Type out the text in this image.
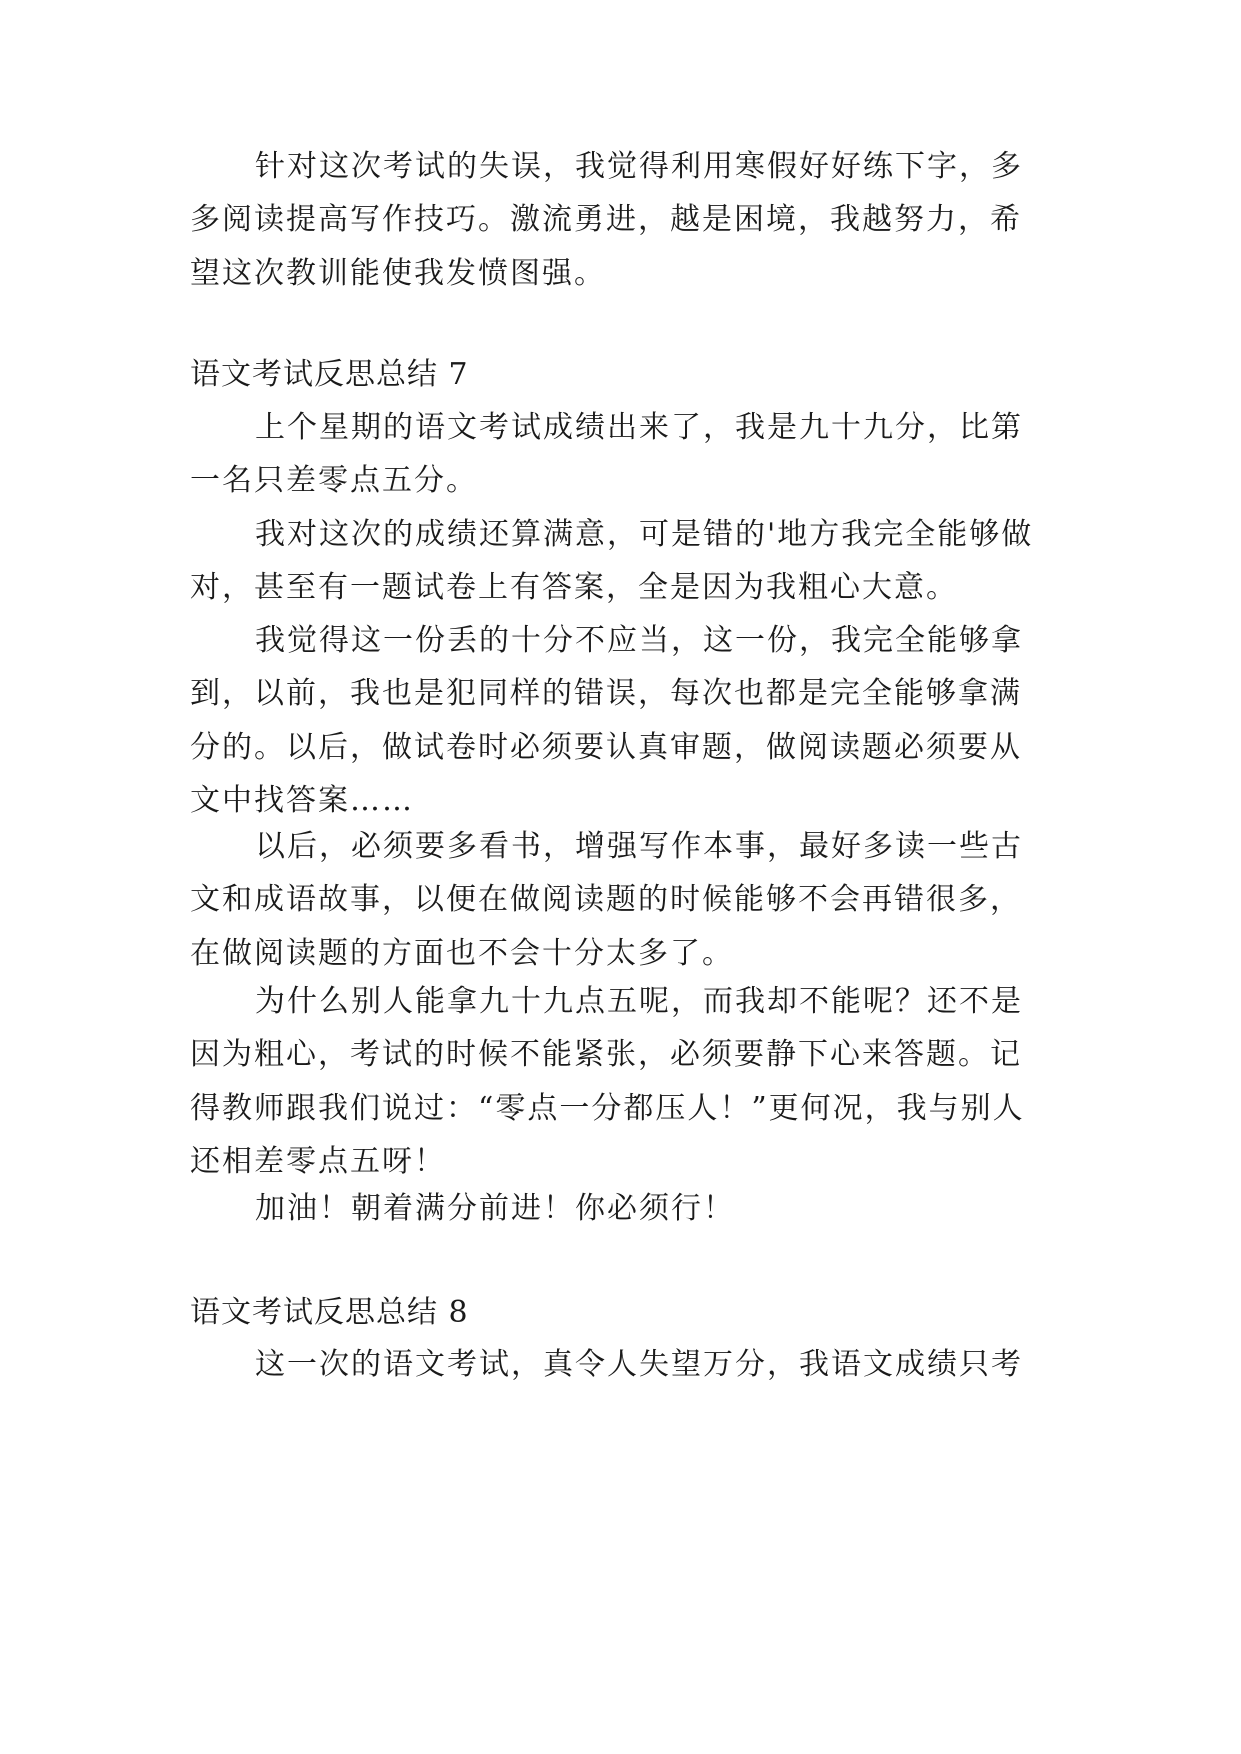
针对这次考试的失误，我觉得利用寒假好好练下字，多多阅读提高写作技巧。激流勇进，越是困境，我越努力，希望这次教训能使我发愤图强。

语文考试反思总结 7

上个星期的语文考试成绩出来了，我是九十九分，比第一名只差零点五分。

我对这次的成绩还算满意，可是错的'地方我完全能够做对，甚至有一题试卷上有答案，全是因为我粗心大意。

我觉得这一份丢的十分不应当，这一份，我完全能够拿到，以前，我也是犯同样的错误，每次也都是完全能够拿满分的。以后，做试卷时必须要认真审题，做阅读题必须要从文中找答案……

以后，必须要多看书，增强写作本事，最好多读一些古文和成语故事，以便在做阅读题的时候能够不会再错很多，在做阅读题的方面也不会十分太多了。

为什么别人能拿九十九点五呢，而我却不能呢？还不是因为粗心，考试的时候不能紧张，必须要静下心来答题。记得教师跟我们说过：“零点一分都压人！”更何况，我与别人还相差零点五呀！

加油！朝着满分前进！你必须行！

语文考试反思总结 8

这一次的语文考试，真令人失望万分，我语文成绩只考
